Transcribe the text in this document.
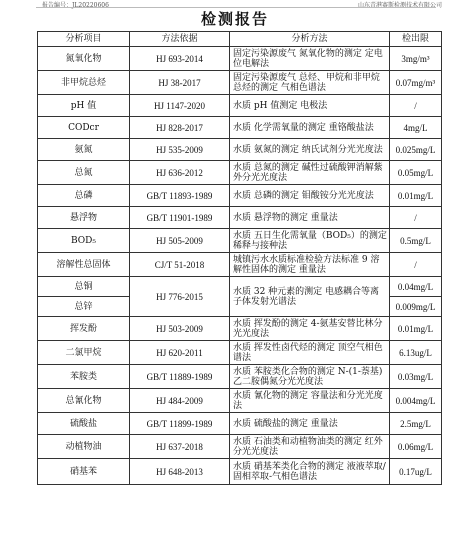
报告编号：JL20220606	山东青港赛斯检测技术有限公司
检测报告
分析项目	方法依据	分析方法	检出限
氮氧化物	HJ 693-2014	固定污染源废气 氮氧化物的测定 定电位电解法	3mg/m³
非甲烷总烃	HJ 38-2017	固定污染源废气 总烃、甲烷和非甲烷总烃的测定 气相色谱法	0.07mg/m³
pH 值	HJ 1147-2020	水质 pH 值测定 电极法	/
CODcr	HJ 828-2017	水质 化学需氧量的测定 重铬酸盐法	4mg/L
氨氮	HJ 535-2009	水质 氨氮的测定 纳氏试剂分光光度法	0.025mg/L
总氮	HJ 636-2012	水质 总氮的测定 碱性过硫酸钾消解紫外分光光度法	0.05mg/L
总磷	GB/T 11893-1989	水质 总磷的测定 钼酸铵分光光度法	0.01mg/L
悬浮物	GB/T 11901-1989	水质 悬浮物的测定 重量法	/
BOD₅	HJ 505-2009	水质 五日生化需氧量（BOD₅）的测定 稀释与接种法	0.5mg/L
溶解性总固体	CJ/T 51-2018	城镇污水水质标准检验方法标准 9 溶解性固体的测定 重量法	/
总铜	HJ 776-2015	水质 32 种元素的测定 电感耦合等离子体发射光谱法	0.04mg/L
总锌			0.009mg/L
挥发酚	HJ 503-2009	水质 挥发酚的测定 4-氨基安替比林分光光度法	0.01mg/L
二氯甲烷	HJ 620-2011	水质 挥发性卤代烃的测定 顶空气相色谱法	6.13ug/L
苯胺类	GB/T 11889-1989	水质 苯胺类化合物的测定 N-(1-萘基)乙二胺偶氮分光光度法	0.03mg/L
总氰化物	HJ 484-2009	水质 氰化物的测定 容量法和分光光度法	0.004mg/L
硫酸盐	GB/T 11899-1989	水质 硫酸盐的测定 重量法	2.5mg/L
动植物油	HJ 637-2018	水质 石油类和动植物油类的测定 红外分光光度法	0.06mg/L
硝基苯	HJ 648-2013	水质 硝基苯类化合物的测定 液液萃取/固相萃取-气相色谱法	0.17ug/L
